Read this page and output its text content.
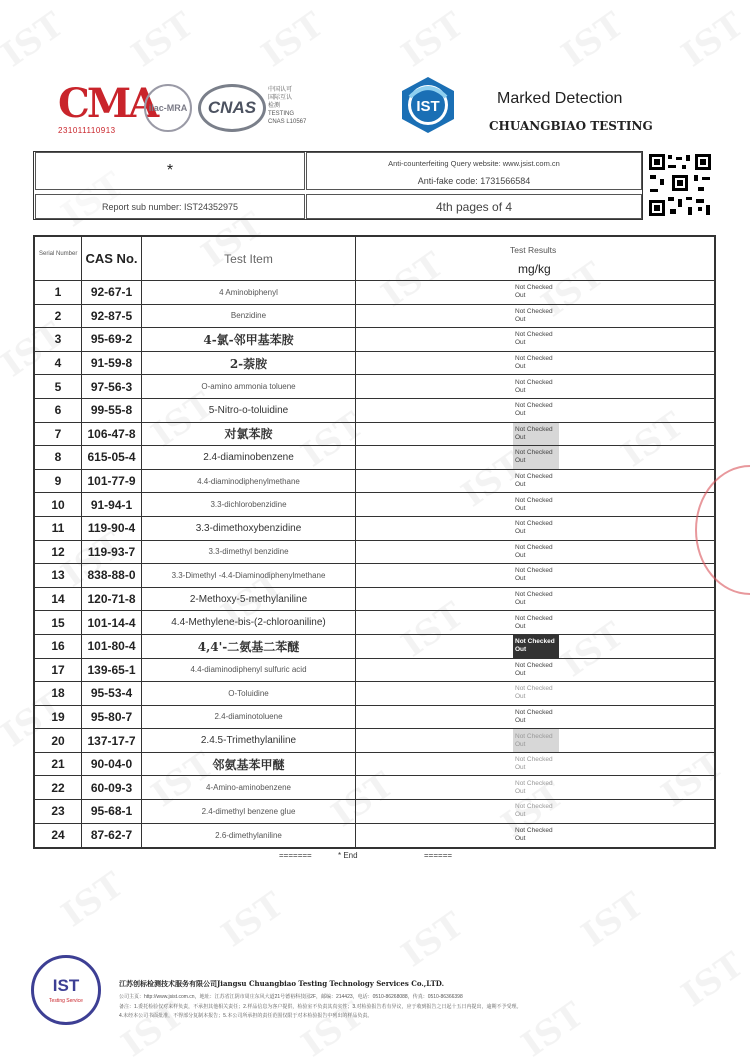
CMA
231011110913
ilac-MRA CNAS
中国认可
国际互认
检测
TESTING
CNAS L10567
IST	Marked Detection
CHUANGBIAO TESTING
*	Anti-counterfeiting Query website: www.jsist.com.cn
Anti-fake code: 1731566584
Report sub number: IST24352975	4th pages of 4
Serial Number CAS No.	Test Item
Test Results
mg/kg
1	92-67-1	4 Aminobiphenyl	Not Checked Out
2	92-87-5	Benzidine	Not Checked Out
3	95-69-2	4-氯-邻甲基苯胺	Not Checked Out
4	91-59-8	2-萘胺	Not Checked Out
5	97-56-3	O-amino ammonia toluene	Not Checked Out
6	99-55-8	5-Nitro-o-toluidine	Not Checked Out
7	106-47-8	对氯苯胺	Not Checked Out
8	615-05-4	2.4-diaminobenzene	Not Checked Out
9	101-77-9	4.4-diaminodiphenylmethane	Not Checked Out
10	91-94-1	3.3-dichlorobenzidine	Not Checked Out
11	119-90-4	3.3-dimethoxybenzidine	Not Checked Out
12	119-93-7	3.3-dimethyl benzidine	Not Checked Out
13	838-88-0	3.3-Dimethyl -4.4-Diaminodiphenylmethane	Not Checked Out
14	120-71-8	2-Methoxy-5-methylaniline	Not Checked Out
15	101-14-4	4.4-Methylene-bis-(2-chloroaniline)	Not Checked Out
16	101-80-4	4,4'-二氨基二苯醚	Not Checked Out
17	139-65-1	4.4-diaminodiphenyl sulfuric acid	Not Checked Out
18	95-53-4	O-Toluidine	Not Checked Out
19	95-80-7	2.4-diaminotoluene	Not Checked Out
20	137-17-7	2.4.5-Trimethylaniline	Not Checked Out
21	90-04-0	邻氨基苯甲醚	Not Checked Out
22	60-09-3	4-Amino-aminobenzene	Not Checked Out
23	95-68-1	2.4-dimethyl benzene glue	Not Checked Out
24	87-62-7	2.6-dimethylaniline	Not Checked Out
=======	* End	======
IST
Testing Service
江苏创标检测技术服务有限公司Jiangsu Chuangbiao Testing Technology Services Co.,LTD.
公司主页：http://www.jsist.com.cn，地址：江苏省江阴市周庄东风大道21号德裕科技园2F，邮编：214423，电话：0510-86268088，传真：0510-86366398
备注：1.委托检验仅对来样负责，不承担其他相关责任；2.样品信息为客户提供，检验室不负责其真实性；3.对检验报告若有异议，应于收到报告之日起十五日内提出，逾期不予受理。
4.未经本公司书面批准，不得部分复制本报告；5.本公司所承担的责任范围仅限于对本检验报告中列出的样品负责。
